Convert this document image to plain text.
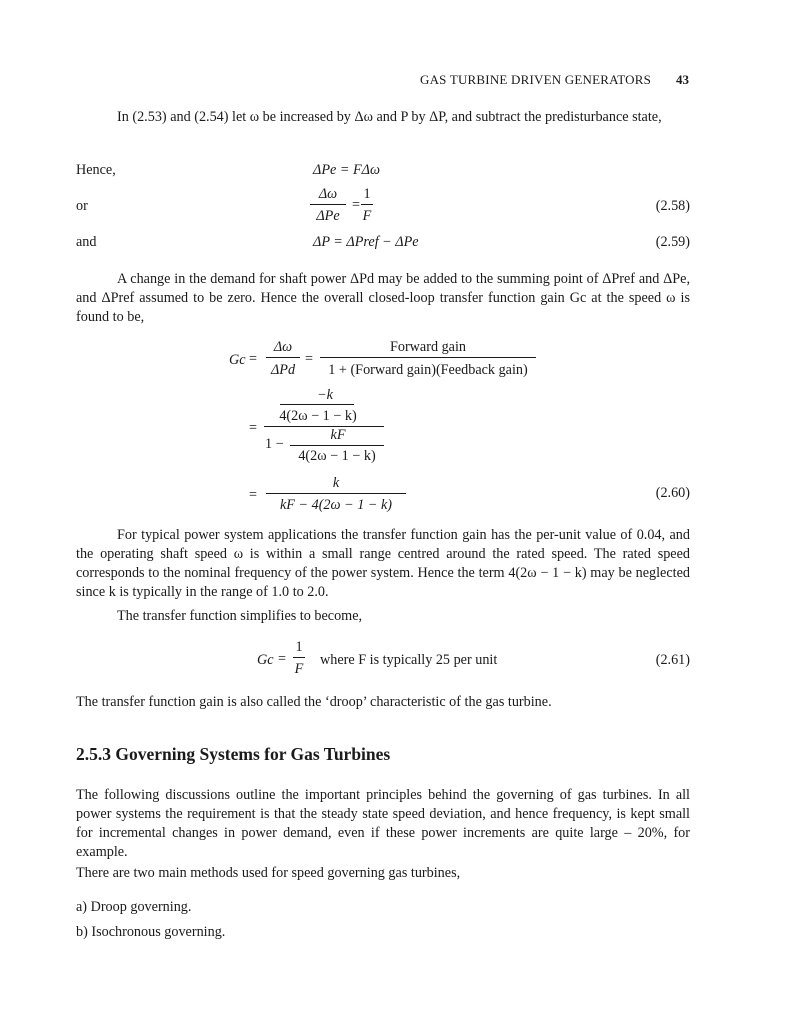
GAS TURBINE DRIVEN GENERATORS 43
In (2.53) and (2.54) let ω be increased by Δω and P by ΔP, and subtract the predisturbance state,
Hence,	ΔPe = FΔω
or
Δω
ΔPe
=
1
F
(2.58)
and	ΔP = ΔPref − ΔPe	(2.59)
A change in the demand for shaft power ΔPd may be added to the summing point of ΔPref and ΔPe, and ΔPref assumed to be zero. Hence the overall closed-loop transfer function gain Gc at the speed ω is found to be,
Gc =
Δω
ΔPd
=
Forward gain
1 + (Forward gain)(Feedback gain)
−k
4(2ω − 1 − k)
=
1 −
kF
4(2ω − 1 − k)
=
k
kF − 4(2ω − 1 − k)
(2.60)
For typical power system applications the transfer function gain has the per-unit value of 0.04, and the operating shaft speed ω is within a small range centred around the rated speed. The rated speed corresponds to the nominal frequency of the power system. Hence the term 4(2ω − 1 − k) may be neglected since k is typically in the range of 1.0 to 2.0.
The transfer function simplifies to become,
Gc =
1
F
where F is typically 25 per unit	(2.61)
The transfer function gain is also called the ‘droop’ characteristic of the gas turbine.
2.5.3 Governing Systems for Gas Turbines
The following discussions outline the important principles behind the governing of gas turbines. In all power systems the requirement is that the steady state speed deviation, and hence frequency, is kept small for incremental changes in power demand, even if these power increments are quite large – 20%, for example.
There are two main methods used for speed governing gas turbines,
a) Droop governing.
b) Isochronous governing.
